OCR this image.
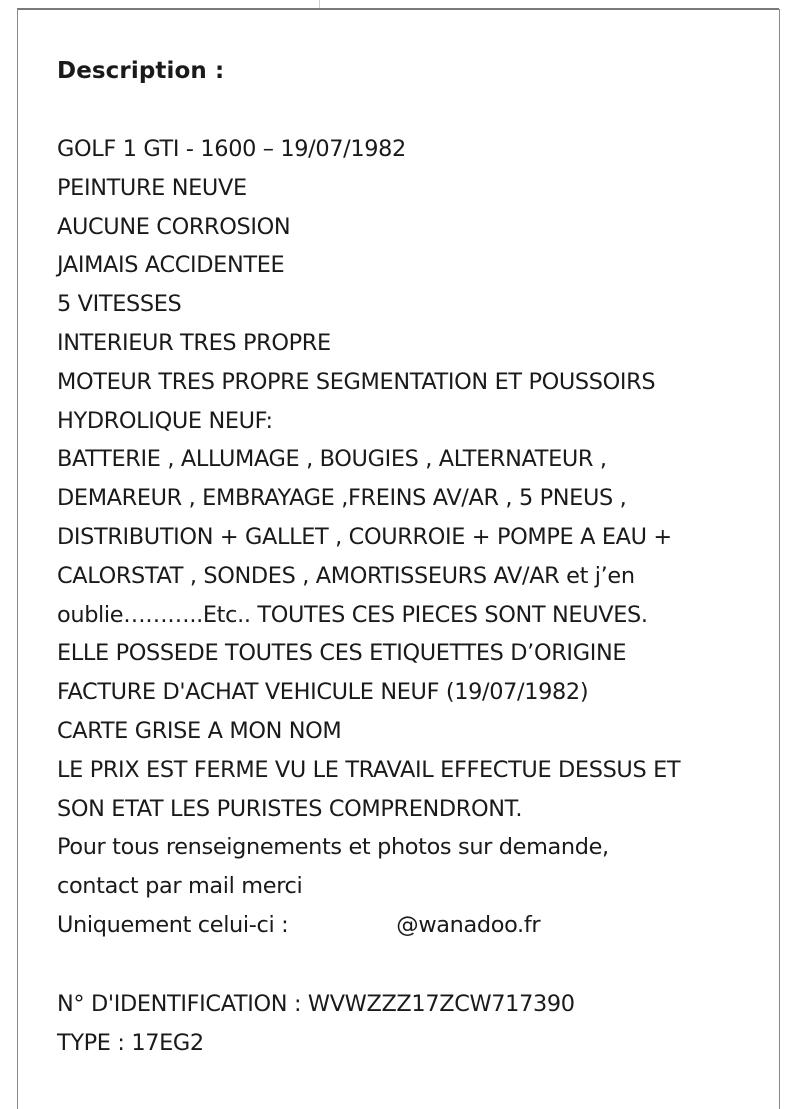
Description :
GOLF 1 GTI - 1600 – 19/07/1982
PEINTURE NEUVE
AUCUNE CORROSION
JAIMAIS ACCIDENTEE
5 VITESSES
INTERIEUR TRES PROPRE
MOTEUR TRES PROPRE SEGMENTATION ET POUSSOIRS
HYDROLIQUE NEUF:
BATTERIE , ALLUMAGE , BOUGIES , ALTERNATEUR ,
DEMAREUR , EMBRAYAGE ,FREINS AV/AR , 5 PNEUS ,
DISTRIBUTION + GALLET , COURROIE + POMPE A EAU +
CALORSTAT , SONDES , AMORTISSEURS AV/AR et j’en
oublie………..Etc.. TOUTES CES PIECES SONT NEUVES.
ELLE POSSEDE TOUTES CES ETIQUETTES D’ORIGINE
FACTURE D'ACHAT VEHICULE NEUF (19/07/1982)
CARTE GRISE A MON NOM
LE PRIX EST FERME VU LE TRAVAIL EFFECTUE DESSUS ET
SON ETAT LES PURISTES COMPRENDRONT.
Pour tous renseignements et photos sur demande,
contact par mail merci
Uniquement celui-ci :	@wanadoo.fr
N° D'IDENTIFICATION : WVWZZZ17ZCW717390
TYPE : 17EG2
